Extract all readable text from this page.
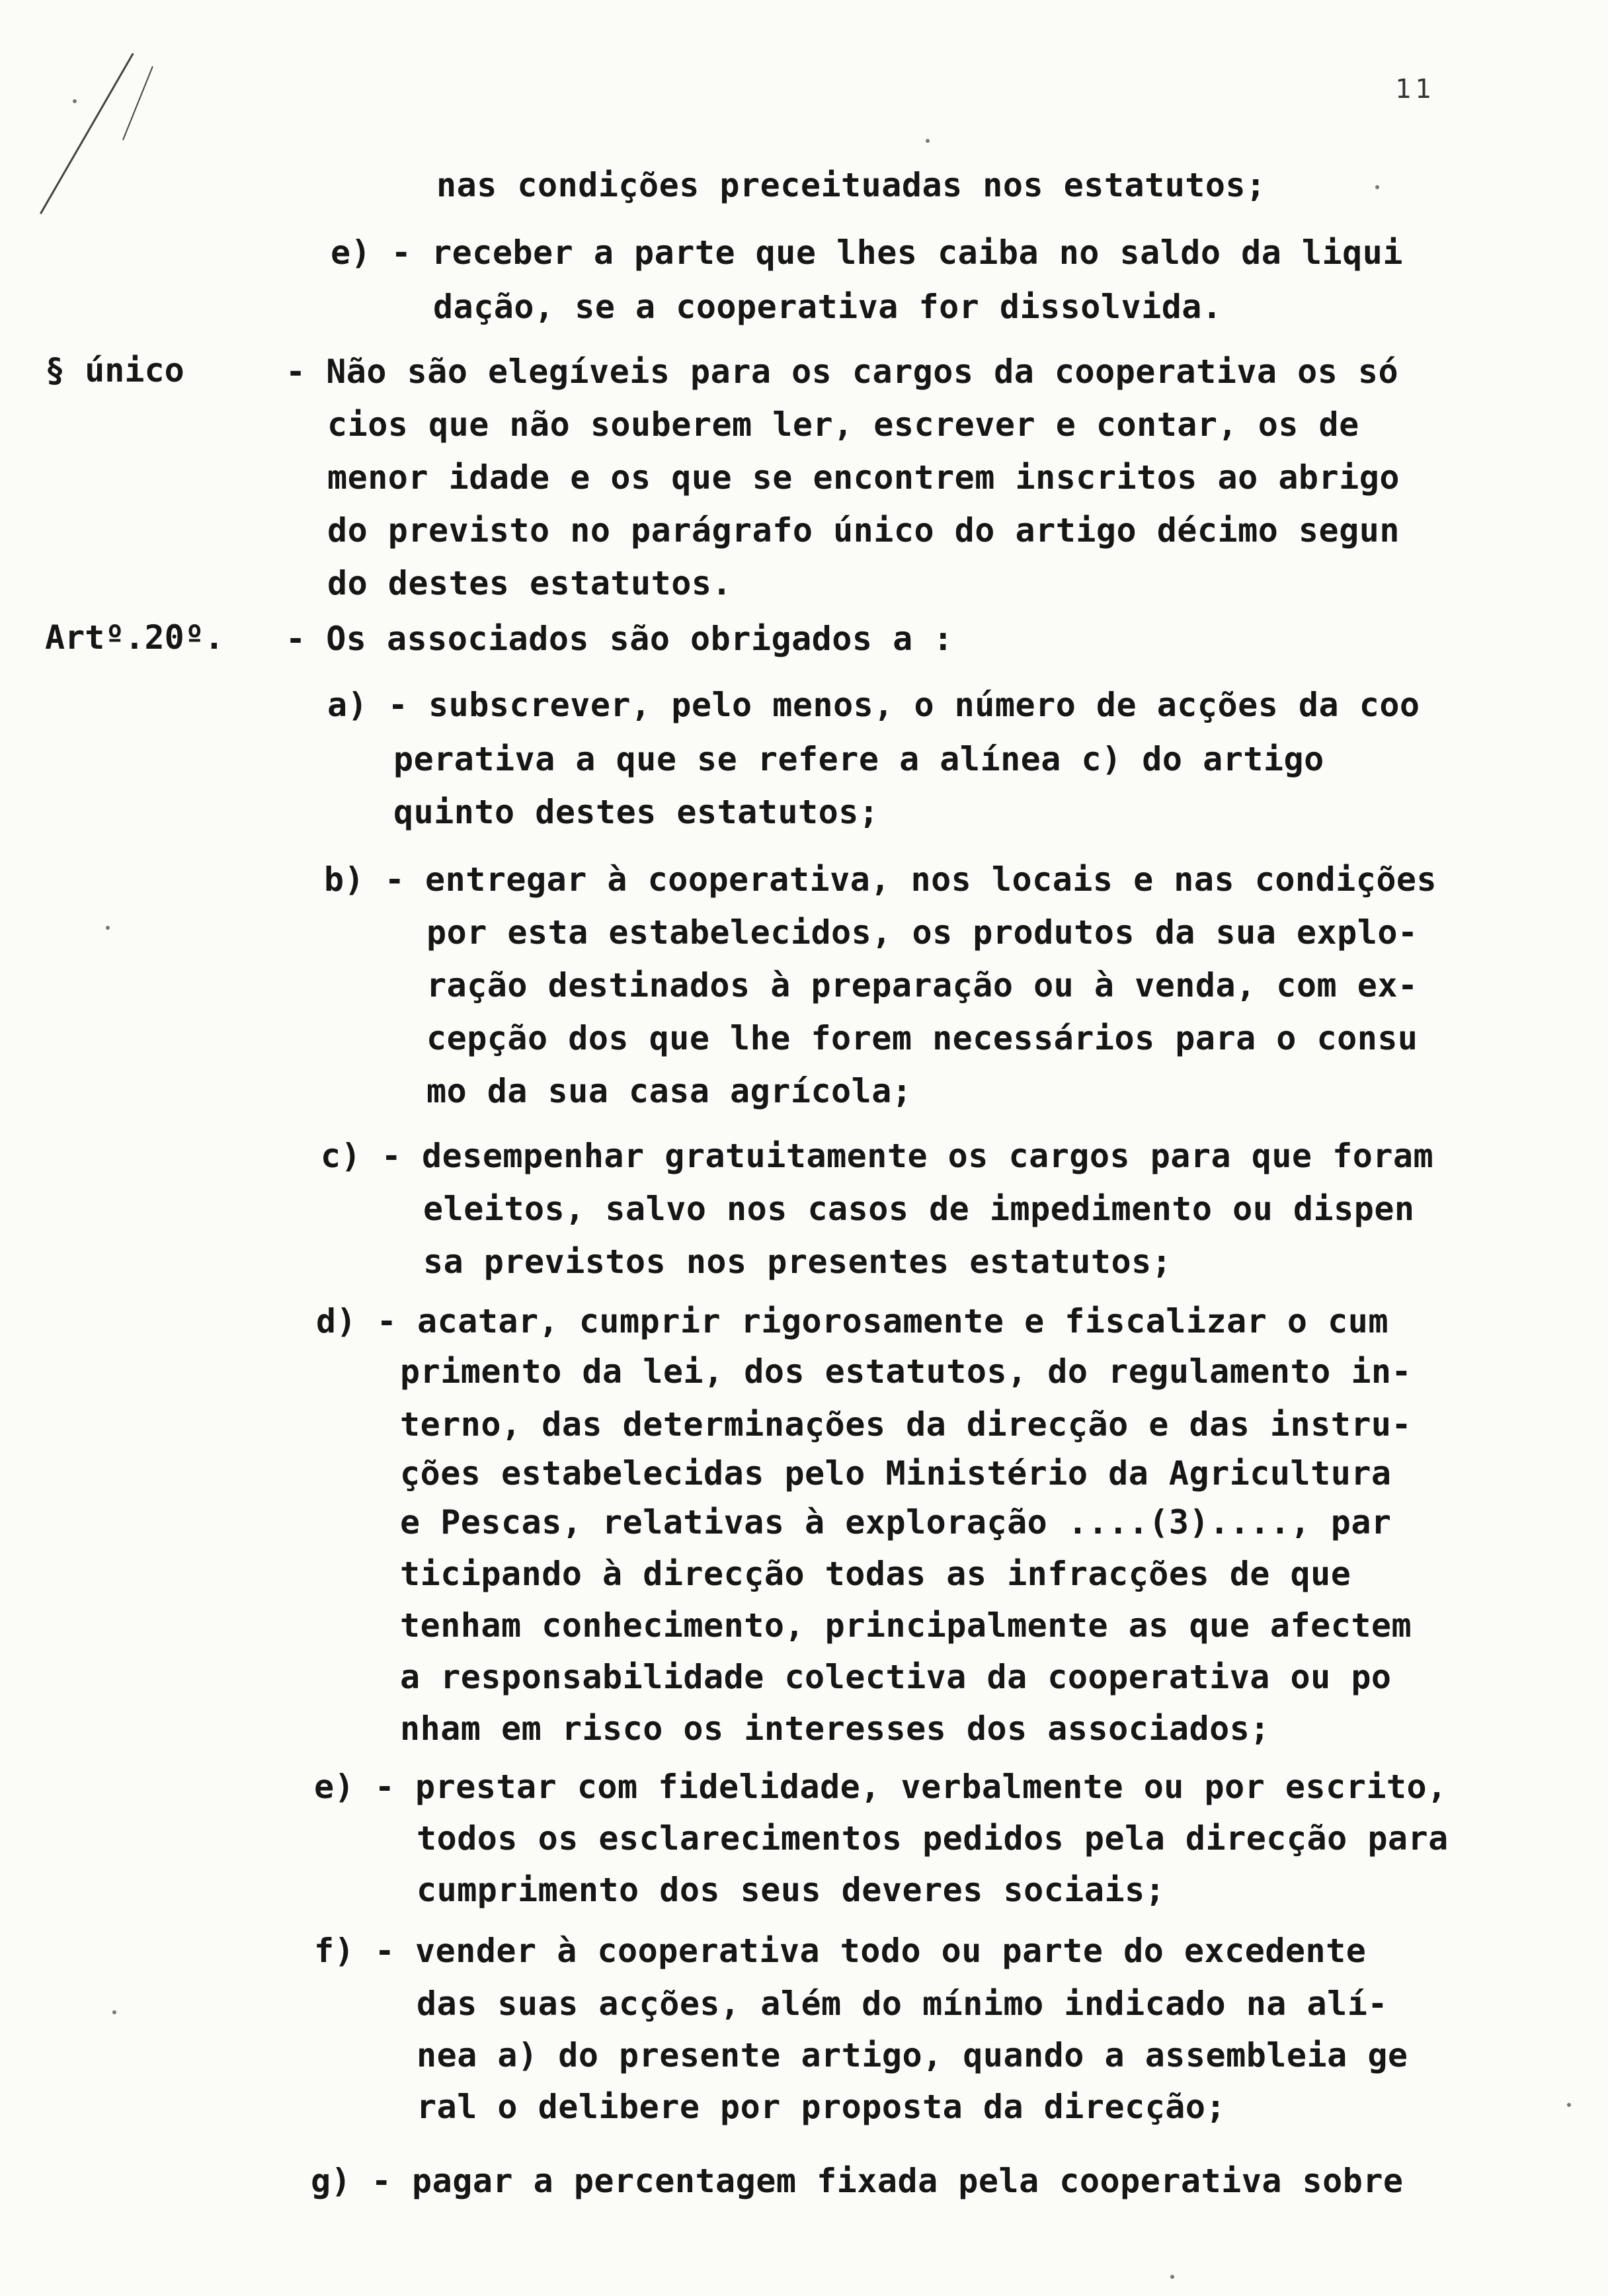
11
nas condições preceituadas nos estatutos;
e) - receber a parte que lhes caiba no saldo da liqui
dação, se a cooperativa for dissolvida.
§ único	- Não são elegíveis para os cargos da cooperativa os só
cios que não souberem ler, escrever e contar, os de
menor idade e os que se encontrem inscritos ao abrigo
do previsto no parágrafo único do artigo décimo segun
do destes estatutos.
Artº.20º. - Os associados são obrigados a :
a) - subscrever, pelo menos, o número de acções da coo
perativa a que se refere a alínea c) do artigo
quinto destes estatutos;
b) - entregar à cooperativa, nos locais e nas condições
por esta estabelecidos, os produtos da sua explo-
ração destinados à preparação ou à venda, com ex-
cepção dos que lhe forem necessários para o consu
mo da sua casa agrícola;
c) - desempenhar gratuitamente os cargos para que foram
eleitos, salvo nos casos de impedimento ou dispen
sa previstos nos presentes estatutos;
d) - acatar, cumprir rigorosamente e fiscalizar o cum
primento da lei, dos estatutos, do regulamento in-
terno, das determinações da direcção e das instru-
ções estabelecidas pelo Ministério da Agricultura
e Pescas, relativas à exploração ....(3)...., par
ticipando à direcção todas as infracções de que
tenham conhecimento, principalmente as que afectem
a responsabilidade colectiva da cooperativa ou po
nham em risco os interesses dos associados;
e) - prestar com fidelidade, verbalmente ou por escrito,
todos os esclarecimentos pedidos pela direcção para
cumprimento dos seus deveres sociais;
f) - vender à cooperativa todo ou parte do excedente
das suas acções, além do mínimo indicado na alí-
nea a) do presente artigo, quando a assembleia ge
ral o delibere por proposta da direcção;
g) - pagar a percentagem fixada pela cooperativa sobre
